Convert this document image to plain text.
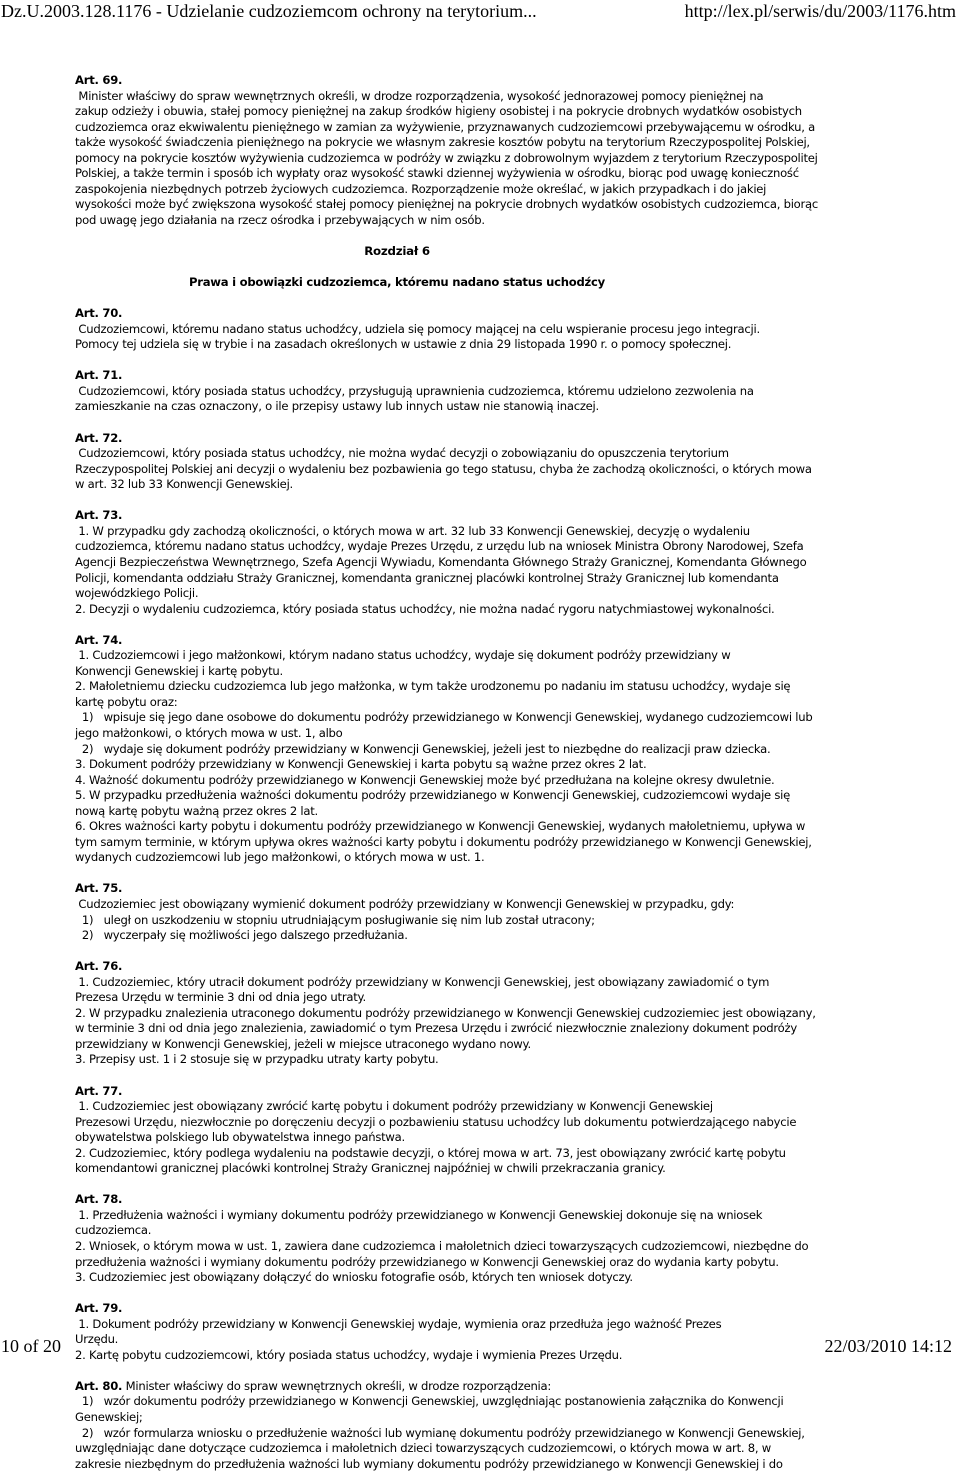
Dz.U.2003.128.1176 - Udzielanie cudzoziemcom ochrony na terytorium...	http://lex.pl/serwis/du/2003/1176.htm
Art. 69. Minister właściwy do spraw wewnętrznych określi, w drodze rozporządzenia, wysokość jednorazowej pomocy pieniężnej na
zakup odzieży i obuwia, stałej pomocy pieniężnej na zakup środków higieny osobistej i na pokrycie drobnych wydatków osobistych
cudzoziemca oraz ekwiwalentu pieniężnego w zamian za wyżywienie, przyznawanych cudzoziemcowi przebywającemu w ośrodku, a
także wysokość świadczenia pieniężnego na pokrycie we własnym zakresie kosztów pobytu na terytorium Rzeczypospolitej Polskiej,
pomocy na pokrycie kosztów wyżywienia cudzoziemca w podróży w związku z dobrowolnym wyjazdem z terytorium Rzeczypospolitej
Polskiej, a także termin i sposób ich wypłaty oraz wysokość stawki dziennej wyżywienia w ośrodku, biorąc pod uwagę konieczność
zaspokojenia niezbędnych potrzeb życiowych cudzoziemca. Rozporządzenie może określać, w jakich przypadkach i do jakiej
wysokości może być zwiększona wysokość stałej pomocy pieniężnej na pokrycie drobnych wydatków osobistych cudzoziemca, biorąc
pod uwagę jego działania na rzecz ośrodka i przebywających w nim osób.

Rozdział 6

Prawa i obowiązki cudzoziemca, któremu nadano status uchodźcy

Art. 70. Cudzoziemcowi, któremu nadano status uchodźcy, udziela się pomocy mającej na celu wspieranie procesu jego integracji.
Pomocy tej udziela się w trybie i na zasadach określonych w ustawie z dnia 29 listopada 1990 r. o pomocy społecznej.
Art. 71. Cudzoziemcowi, który posiada status uchodźcy, przysługują uprawnienia cudzoziemca, któremu udzielono zezwolenia na
zamieszkanie na czas oznaczony, o ile przepisy ustawy lub innych ustaw nie stanowią inaczej.
Art. 72. Cudzoziemcowi, który posiada status uchodźcy, nie można wydać decyzji o zobowiązaniu do opuszczenia terytorium
Rzeczypospolitej Polskiej ani decyzji o wydaleniu bez pozbawienia go tego statusu, chyba że zachodzą okoliczności, o których mowa
w art. 32 lub 33 Konwencji Genewskiej.
Art. 73. 1. W przypadku gdy zachodzą okoliczności, o których mowa w art. 32 lub 33 Konwencji Genewskiej, decyzję o wydaleniu
cudzoziemca, któremu nadano status uchodźcy, wydaje Prezes Urzędu, z urzędu lub na wniosek Ministra Obrony Narodowej, Szefa
Agencji Bezpieczeństwa Wewnętrznego, Szefa Agencji Wywiadu, Komendanta Głównego Straży Granicznej, Komendanta Głównego
Policji, komendanta oddziału Straży Granicznej, komendanta granicznej placówki kontrolnej Straży Granicznej lub komendanta
wojewódzkiego Policji.
2. Decyzji o wydaleniu cudzoziemca, który posiada status uchodźcy, nie można nadać rygoru natychmiastowej wykonalności.
Art. 74. 1. Cudzoziemcowi i jego małżonkowi, którym nadano status uchodźcy, wydaje się dokument podróży przewidziany w
Konwencji Genewskiej i kartę pobytu.
2. Małoletniemu dziecku cudzoziemca lub jego małżonka, w tym także urodzonemu po nadaniu im statusu uchodźcy, wydaje się
kartę pobytu oraz:
1)   wpisuje się jego dane osobowe do dokumentu podróży przewidzianego w Konwencji Genewskiej, wydanego cudzoziemcowi lub
jego małżonkowi, o których mowa w ust. 1, albo
2)   wydaje się dokument podróży przewidziany w Konwencji Genewskiej, jeżeli jest to niezbędne do realizacji praw dziecka.
3. Dokument podróży przewidziany w Konwencji Genewskiej i karta pobytu są ważne przez okres 2 lat.
4. Ważność dokumentu podróży przewidzianego w Konwencji Genewskiej może być przedłużana na kolejne okresy dwuletnie.
5. W przypadku przedłużenia ważności dokumentu podróży przewidzianego w Konwencji Genewskiej, cudzoziemcowi wydaje się
nową kartę pobytu ważną przez okres 2 lat.
6. Okres ważności karty pobytu i dokumentu podróży przewidzianego w Konwencji Genewskiej, wydanych małoletniemu, upływa w
tym samym terminie, w którym upływa okres ważności karty pobytu i dokumentu podróży przewidzianego w Konwencji Genewskiej,
wydanych cudzoziemcowi lub jego małżonkowi, o których mowa w ust. 1.
Art. 75. Cudzoziemiec jest obowiązany wymienić dokument podróży przewidziany w Konwencji Genewskiej w przypadku, gdy:
1)   uległ on uszkodzeniu w stopniu utrudniającym posługiwanie się nim lub został utracony;
2)   wyczerpały się możliwości jego dalszego przedłużania.
Art. 76. 1. Cudzoziemiec, który utracił dokument podróży przewidziany w Konwencji Genewskiej, jest obowiązany zawiadomić o tym
Prezesa Urzędu w terminie 3 dni od dnia jego utraty.
2. W przypadku znalezienia utraconego dokumentu podróży przewidzianego w Konwencji Genewskiej cudzoziemiec jest obowiązany,
w terminie 3 dni od dnia jego znalezienia, zawiadomić o tym Prezesa Urzędu i zwrócić niezwłocznie znaleziony dokument podróży
przewidziany w Konwencji Genewskiej, jeżeli w miejsce utraconego wydano nowy.
3. Przepisy ust. 1 i 2 stosuje się w przypadku utraty karty pobytu.
Art. 77. 1. Cudzoziemiec jest obowiązany zwrócić kartę pobytu i dokument podróży przewidziany w Konwencji Genewskiej
Prezesowi Urzędu, niezwłocznie po doręczeniu decyzji o pozbawieniu statusu uchodźcy lub dokumentu potwierdzającego nabycie
obywatelstwa polskiego lub obywatelstwa innego państwa.
2. Cudzoziemiec, który podlega wydaleniu na podstawie decyzji, o której mowa w art. 73, jest obowiązany zwrócić kartę pobytu
komendantowi granicznej placówki kontrolnej Straży Granicznej najpóźniej w chwili przekraczania granicy.
Art. 78. 1. Przedłużenia ważności i wymiany dokumentu podróży przewidzianego w Konwencji Genewskiej dokonuje się na wniosek
cudzoziemca.
2. Wniosek, o którym mowa w ust. 1, zawiera dane cudzoziemca i małoletnich dzieci towarzyszących cudzoziemcowi, niezbędne do
przedłużenia ważności i wymiany dokumentu podróży przewidzianego w Konwencji Genewskiej oraz do wydania karty pobytu.
3. Cudzoziemiec jest obowiązany dołączyć do wniosku fotografie osób, których ten wniosek dotyczy.
Art. 79. 1. Dokument podróży przewidziany w Konwencji Genewskiej wydaje, wymienia oraz przedłuża jego ważność Prezes
Urzędu.
2. Kartę pobytu cudzoziemcowi, który posiada status uchodźcy, wydaje i wymienia Prezes Urzędu.
Art. 80. Minister właściwy do spraw wewnętrznych określi, w drodze rozporządzenia:
1)   wzór dokumentu podróży przewidzianego w Konwencji Genewskiej, uwzględniając postanowienia załącznika do Konwencji
Genewskiej;
2)   wzór formularza wniosku o przedłużenie ważności lub wymianę dokumentu podróży przewidzianego w Konwencji Genewskiej,
uwzględniając dane dotyczące cudzoziemca i małoletnich dzieci towarzyszących cudzoziemcowi, o których mowa w art. 8, w
zakresie niezbędnym do przedłużenia ważności lub wymiany dokumentu podróży przewidzianego w Konwencji Genewskiej i do
10 of 20	22/03/2010 14:12
